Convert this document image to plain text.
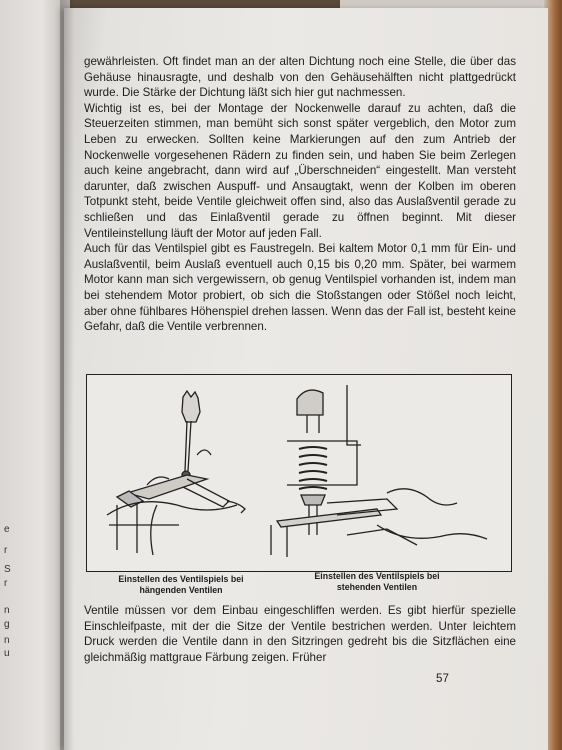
e
r
S
r
n
g
n
u

gewährleisten. Oft findet man an der alten Dichtung noch eine Stelle, die über das Gehäuse hinausragte, und deshalb von den Gehäusehälften nicht plattgedrückt wurde. Die Stärke der Dichtung läßt sich hier gut nachmessen.

Wichtig ist es, bei der Montage der Nockenwelle darauf zu achten, daß die Steuerzeiten stimmen, man bemüht sich sonst später vergeblich, den Motor zum Leben zu erwecken. Sollten keine Markierungen auf den zum Antrieb der Nockenwelle vorgesehenen Rädern zu finden sein, und haben Sie beim Zerlegen auch keine angebracht, dann wird auf „Überschneiden“ eingestellt. Man versteht darunter, daß zwischen Auspuff- und Ansaugtakt, wenn der Kolben im oberen Totpunkt steht, beide Ventile gleichweit offen sind, also das Auslaßventil gerade zu schließen und das Einlaßventil gerade zu öffnen beginnt. Mit dieser Ventileinstellung läuft der Motor auf jeden Fall.

Auch für das Ventilspiel gibt es Faustregeln. Bei kaltem Motor 0,1 mm für Ein- und Auslaßventil, beim Auslaß eventuell auch 0,15 bis 0,20 mm. Später, bei warmem Motor kann man sich vergewissern, ob genug Ventilspiel vorhanden ist, indem man bei stehendem Motor probiert, ob sich die Stoßstangen oder Stößel noch leicht, aber ohne fühlbares Höhenspiel drehen lassen. Wenn das der Fall ist, besteht keine Gefahr, daß die Ventile verbrennen.

Einstellen des Ventilspiels bei hängenden Ventilen
Einstellen des Ventilspiels bei stehenden Ventilen

Ventile müssen vor dem Einbau eingeschliffen werden. Es gibt hierfür spezielle Einschleifpaste, mit der die Sitze der Ventile bestrichen werden. Unter leichtem Druck werden die Ventile dann in den Sitzringen gedreht bis die Sitzflächen eine gleichmäßig mattgraue Färbung zeigen. Früher

57
